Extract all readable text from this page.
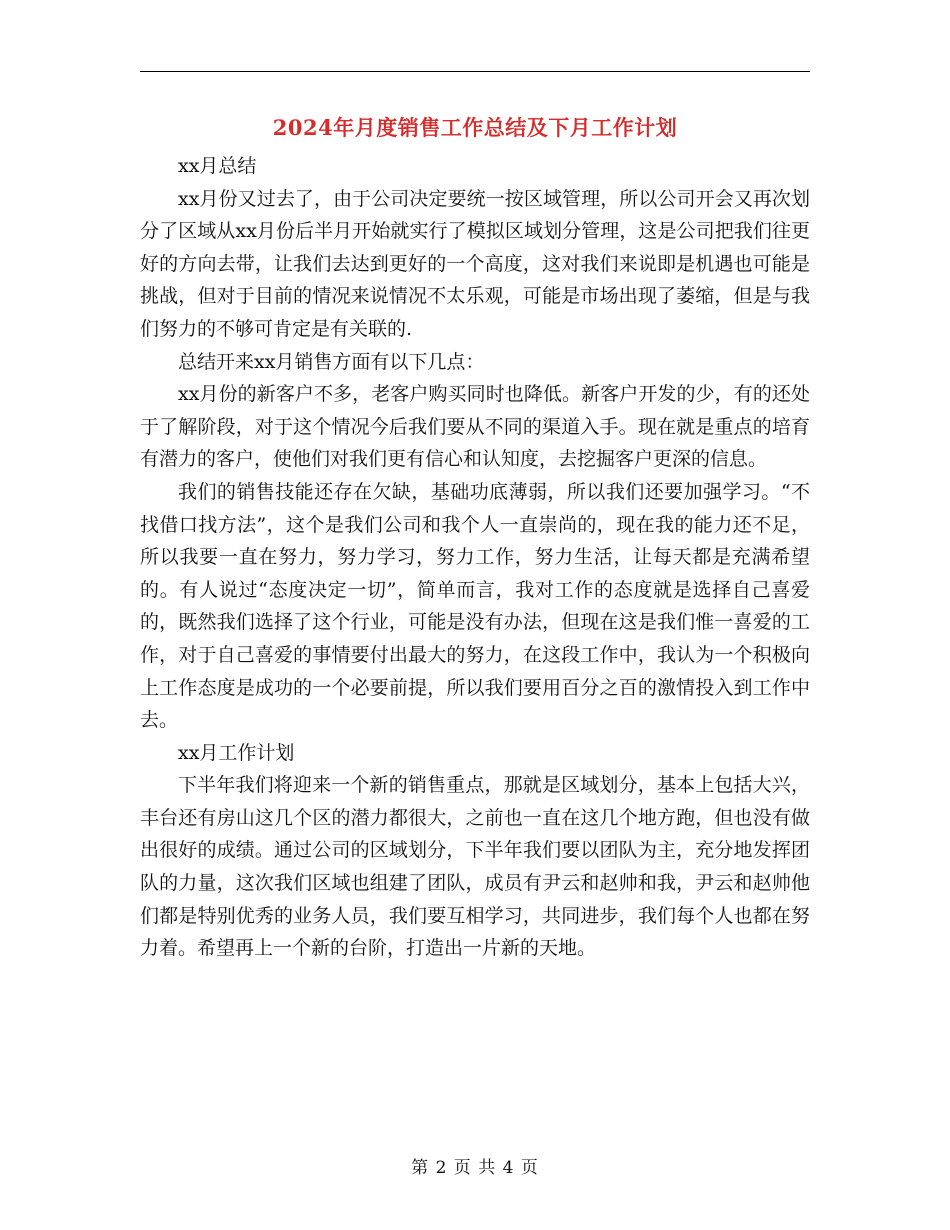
2024年月度销售工作总结及下月工作计划

xx月总结

xx月份又过去了，由于公司决定要统一按区域管理，所以公司开会又再次划分了区域从xx月份后半月开始就实行了模拟区域划分管理，这是公司把我们往更好的方向去带，让我们去达到更好的一个高度，这对我们来说即是机遇也可能是挑战，但对于目前的情况来说情况不太乐观，可能是市场出现了萎缩，但是与我们努力的不够可肯定是有关联的.

总结开来xx月销售方面有以下几点：

xx月份的新客户不多，老客户购买同时也降低。新客户开发的少，有的还处于了解阶段，对于这个情况今后我们要从不同的渠道入手。现在就是重点的培育有潜力的客户，使他们对我们更有信心和认知度，去挖掘客户更深的信息。

我们的销售技能还存在欠缺，基础功底薄弱，所以我们还要加强学习。“不找借口找方法”，这个是我们公司和我个人一直崇尚的，现在我的能力还不足，所以我要一直在努力，努力学习，努力工作，努力生活，让每天都是充满希望的。有人说过“态度决定一切”，简单而言，我对工作的态度就是选择自己喜爱的，既然我们选择了这个行业，可能是没有办法，但现在这是我们惟一喜爱的工作，对于自己喜爱的事情要付出最大的努力，在这段工作中，我认为一个积极向上工作态度是成功的一个必要前提，所以我们要用百分之百的激情投入到工作中去。

xx月工作计划

下半年我们将迎来一个新的销售重点，那就是区域划分，基本上包括大兴，丰台还有房山这几个区的潜力都很大，之前也一直在这几个地方跑，但也没有做出很好的成绩。通过公司的区域划分，下半年我们要以团队为主，充分地发挥团队的力量，这次我们区域也组建了团队，成员有尹云和赵帅和我，尹云和赵帅他们都是特别优秀的业务人员，我们要互相学习，共同进步，我们每个人也都在努力着。希望再上一个新的台阶，打造出一片新的天地。

第 2 页 共 4 页
